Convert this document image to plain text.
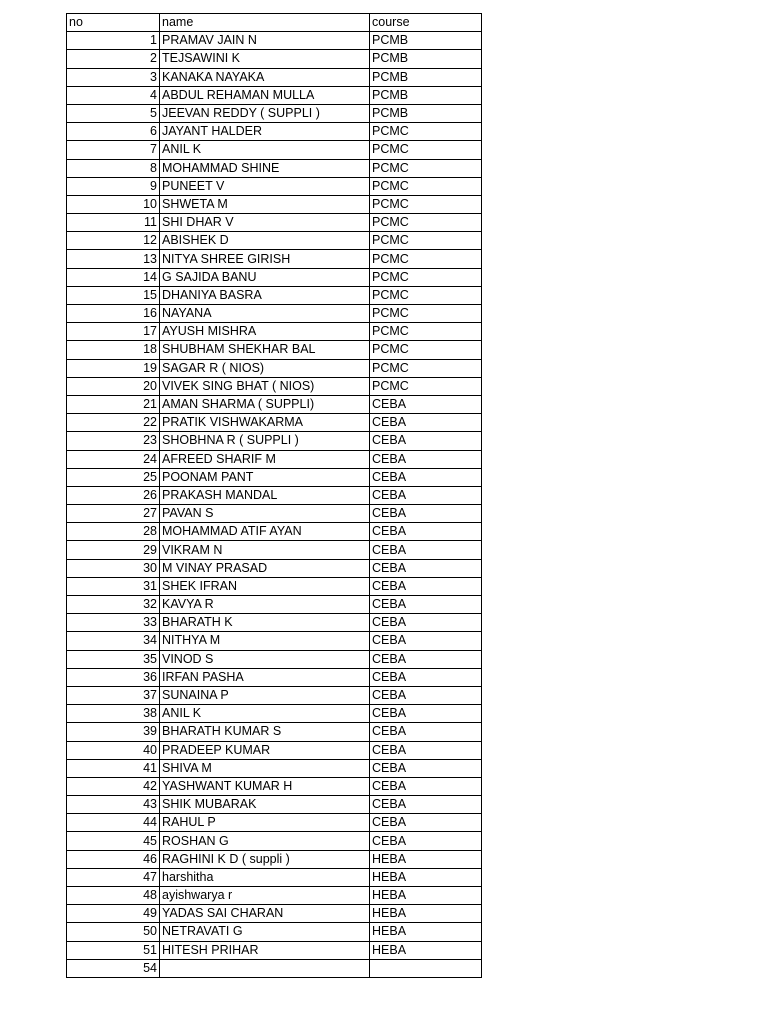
no	name	course
1	PRAMAV JAIN N	PCMB
2	TEJSAWINI K	PCMB
3	KANAKA NAYAKA	PCMB
4	ABDUL REHAMAN MULLA	PCMB
5	JEEVAN REDDY ( SUPPLI )	PCMB
6	JAYANT HALDER	PCMC
7	ANIL K	PCMC
8	MOHAMMAD SHINE	PCMC
9	PUNEET V	PCMC
10	SHWETA M	PCMC
11	SHI DHAR V	PCMC
12	ABISHEK D	PCMC
13	NITYA SHREE GIRISH	PCMC
14	G SAJIDA BANU	PCMC
15	DHANIYA BASRA	PCMC
16	NAYANA	PCMC
17	AYUSH MISHRA	PCMC
18	SHUBHAM SHEKHAR BAL	PCMC
19	SAGAR R ( NIOS)	PCMC
20	VIVEK SING BHAT ( NIOS)	PCMC
21	AMAN SHARMA ( SUPPLI)	CEBA
22	PRATIK VISHWAKARMA	CEBA
23	SHOBHNA R ( SUPPLI )	CEBA
24	AFREED SHARIF M	CEBA
25	POONAM PANT	CEBA
26	PRAKASH MANDAL	CEBA
27	PAVAN S	CEBA
28	MOHAMMAD ATIF AYAN	CEBA
29	VIKRAM N	CEBA
30	M VINAY PRASAD	CEBA
31	SHEK IFRAN	CEBA
32	KAVYA R	CEBA
33	BHARATH K	CEBA
34	NITHYA M	CEBA
35	VINOD S	CEBA
36	IRFAN PASHA	CEBA
37	SUNAINA P	CEBA
38	ANIL K	CEBA
39	BHARATH KUMAR S	CEBA
40	PRADEEP KUMAR	CEBA
41	SHIVA M	CEBA
42	YASHWANT KUMAR H	CEBA
43	SHIK MUBARAK	CEBA
44	RAHUL P	CEBA
45	ROSHAN G	CEBA
46	RAGHINI K D ( suppli )	HEBA
47	harshitha	HEBA
48	ayishwarya r	HEBA
49	YADAS SAI CHARAN	HEBA
50	NETRAVATI G	HEBA
51	HITESH PRIHAR	HEBA
54		
